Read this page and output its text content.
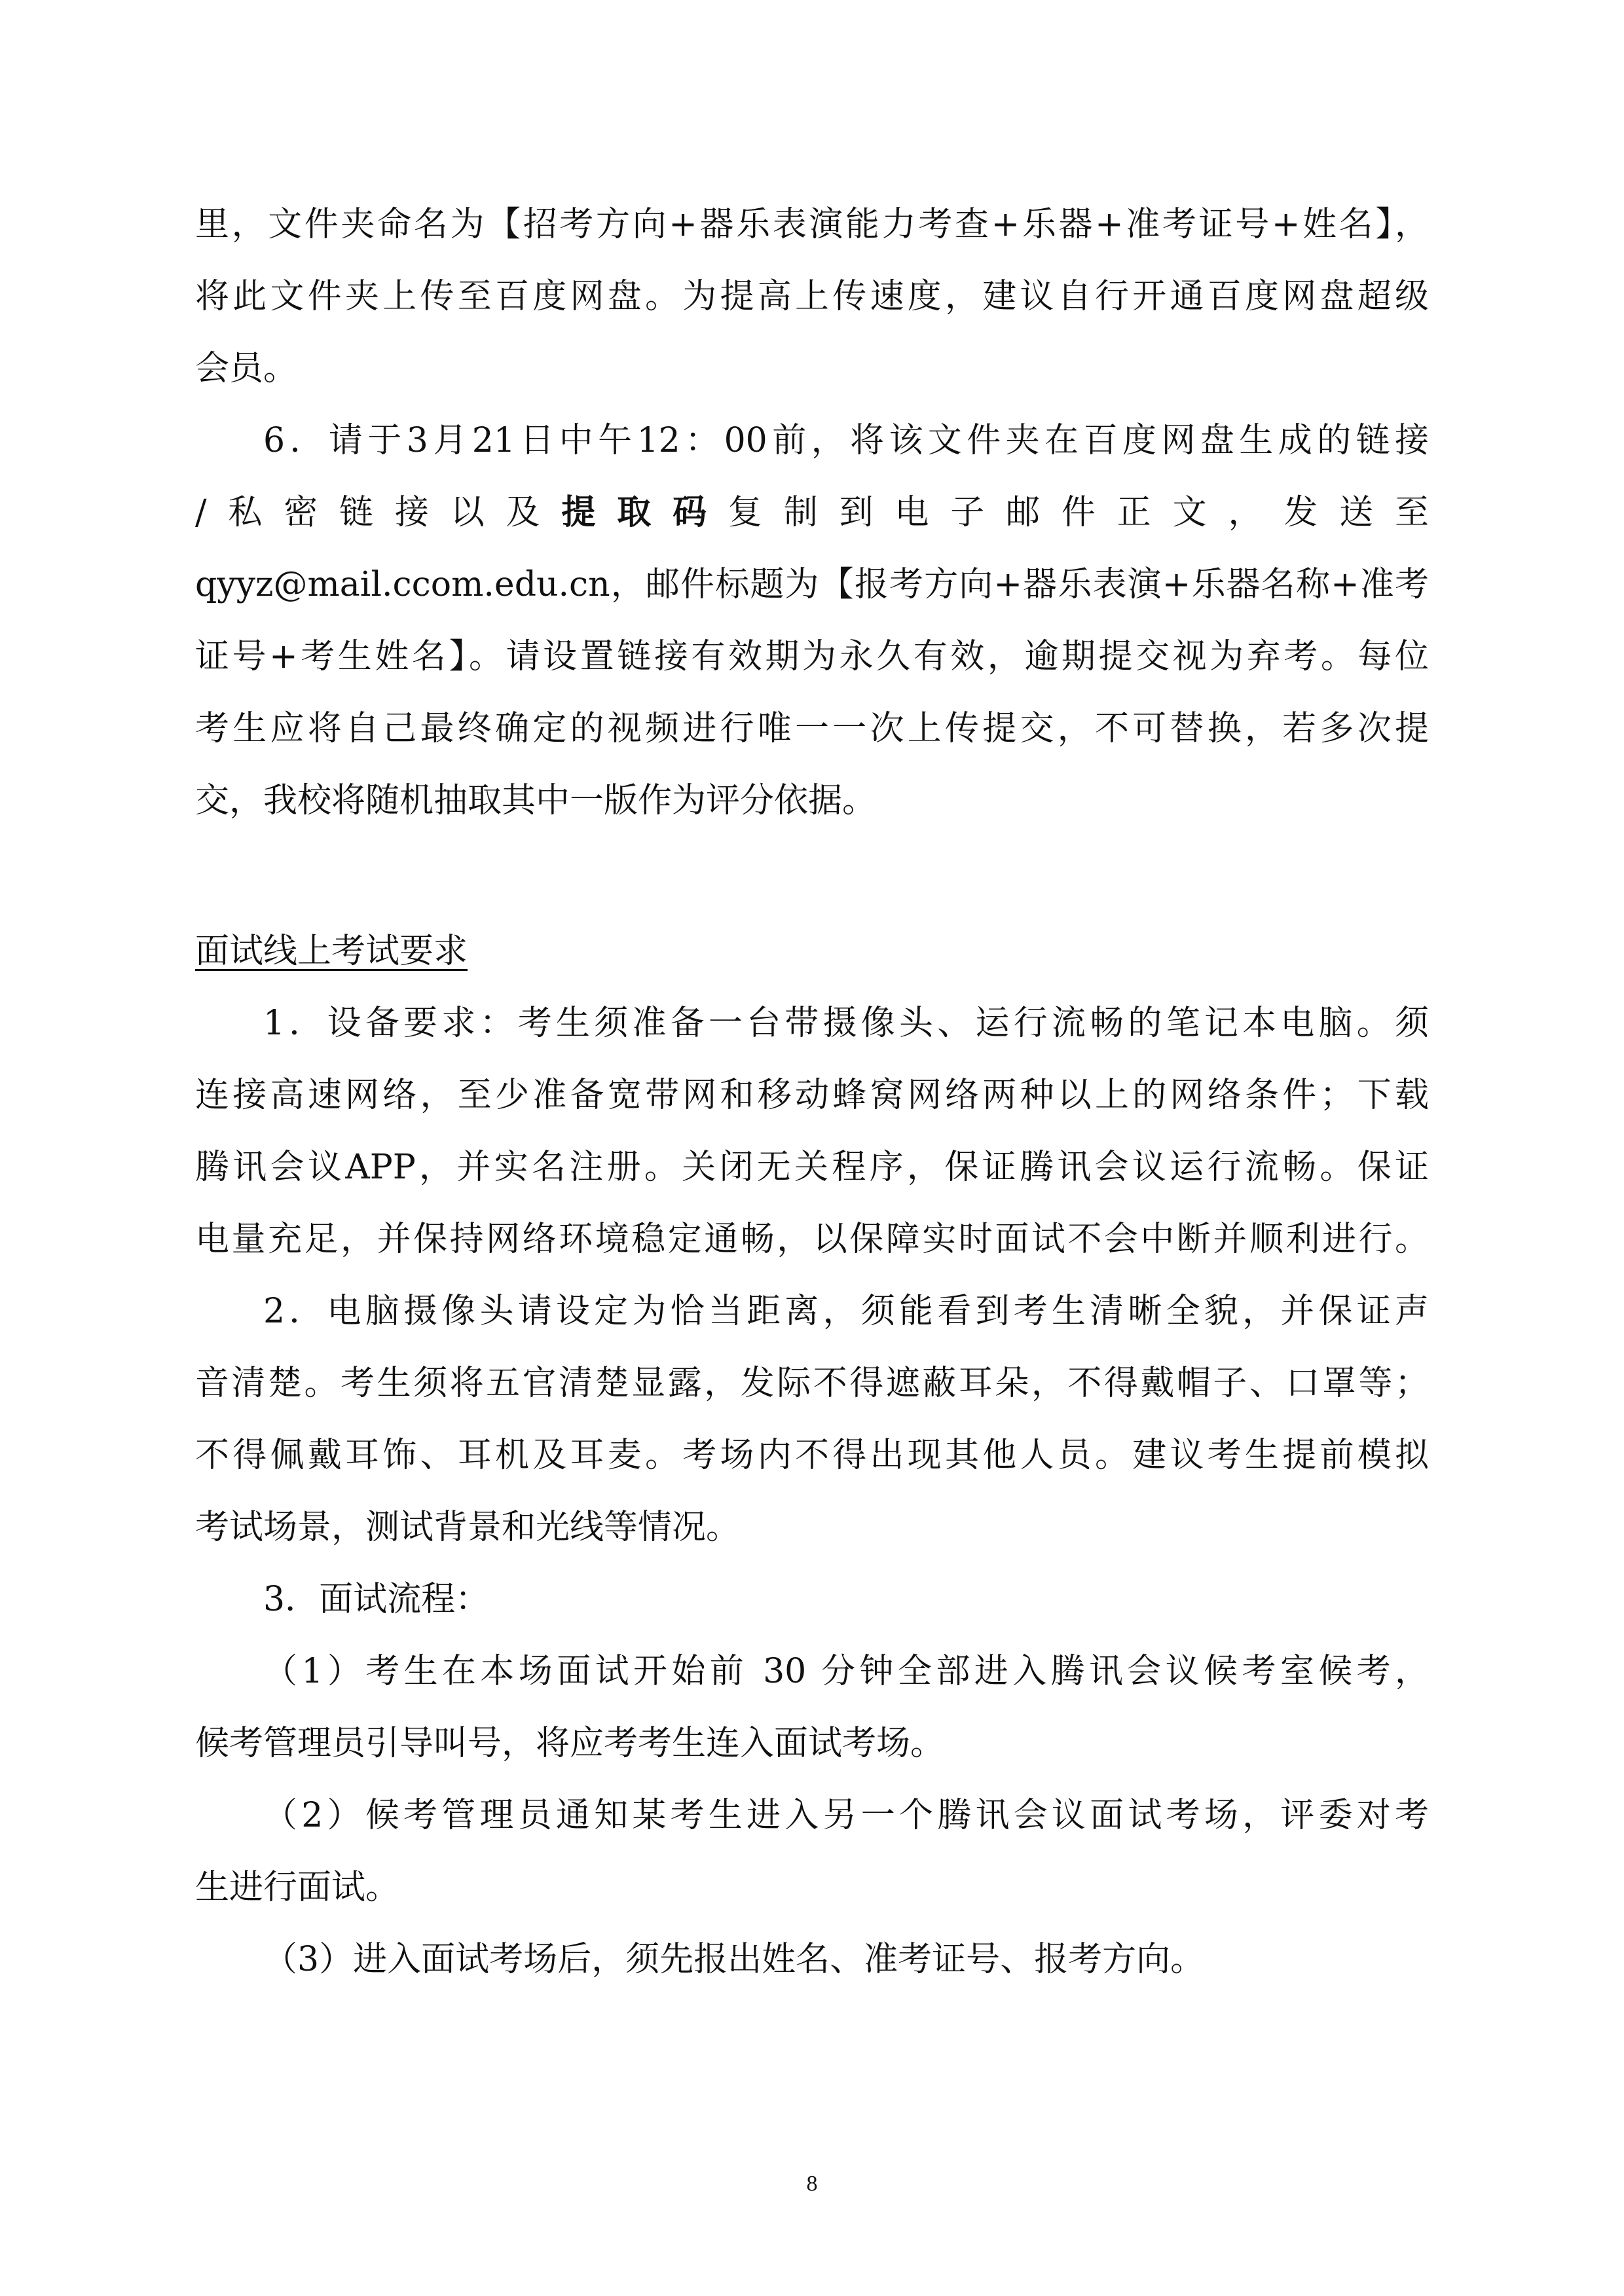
里，文件夹命名为【招考方向+器乐表演能力考查+乐器+准考证号+姓名】，
将此文件夹上传至百度网盘。为提高上传速度，建议自行开通百度网盘超级
会员。
6．请于3月21日中午12：00前，将该文件夹在百度网盘生成的链接
/私密链接以及提取码复制到电子邮件正文，发送至
qyyz@mail.ccom.edu.cn，邮件标题为【报考方向+器乐表演+乐器名称+准考
证号+考生姓名】。请设置链接有效期为永久有效，逾期提交视为弃考。每位
考生应将自己最终确定的视频进行唯一一次上传提交，不可替换，若多次提
交，我校将随机抽取其中一版作为评分依据。
面试线上考试要求
1．设备要求：考生须准备一台带摄像头、运行流畅的笔记本电脑。须
连接高速网络，至少准备宽带网和移动蜂窝网络两种以上的网络条件；下载
腾讯会议APP，并实名注册。关闭无关程序，保证腾讯会议运行流畅。保证
电量充足，并保持网络环境稳定通畅，以保障实时面试不会中断并顺利进行。
2．电脑摄像头请设定为恰当距离，须能看到考生清晰全貌，并保证声
音清楚。考生须将五官清楚显露，发际不得遮蔽耳朵，不得戴帽子、口罩等；
不得佩戴耳饰、耳机及耳麦。考场内不得出现其他人员。建议考生提前模拟
考试场景，测试背景和光线等情况。
3．面试流程：
（1）考生在本场面试开始前 30 分钟全部进入腾讯会议候考室候考，
候考管理员引导叫号，将应考考生连入面试考场。
（2）候考管理员通知某考生进入另一个腾讯会议面试考场，评委对考
生进行面试。
（3）进入面试考场后，须先报出姓名、准考证号、报考方向。
8
